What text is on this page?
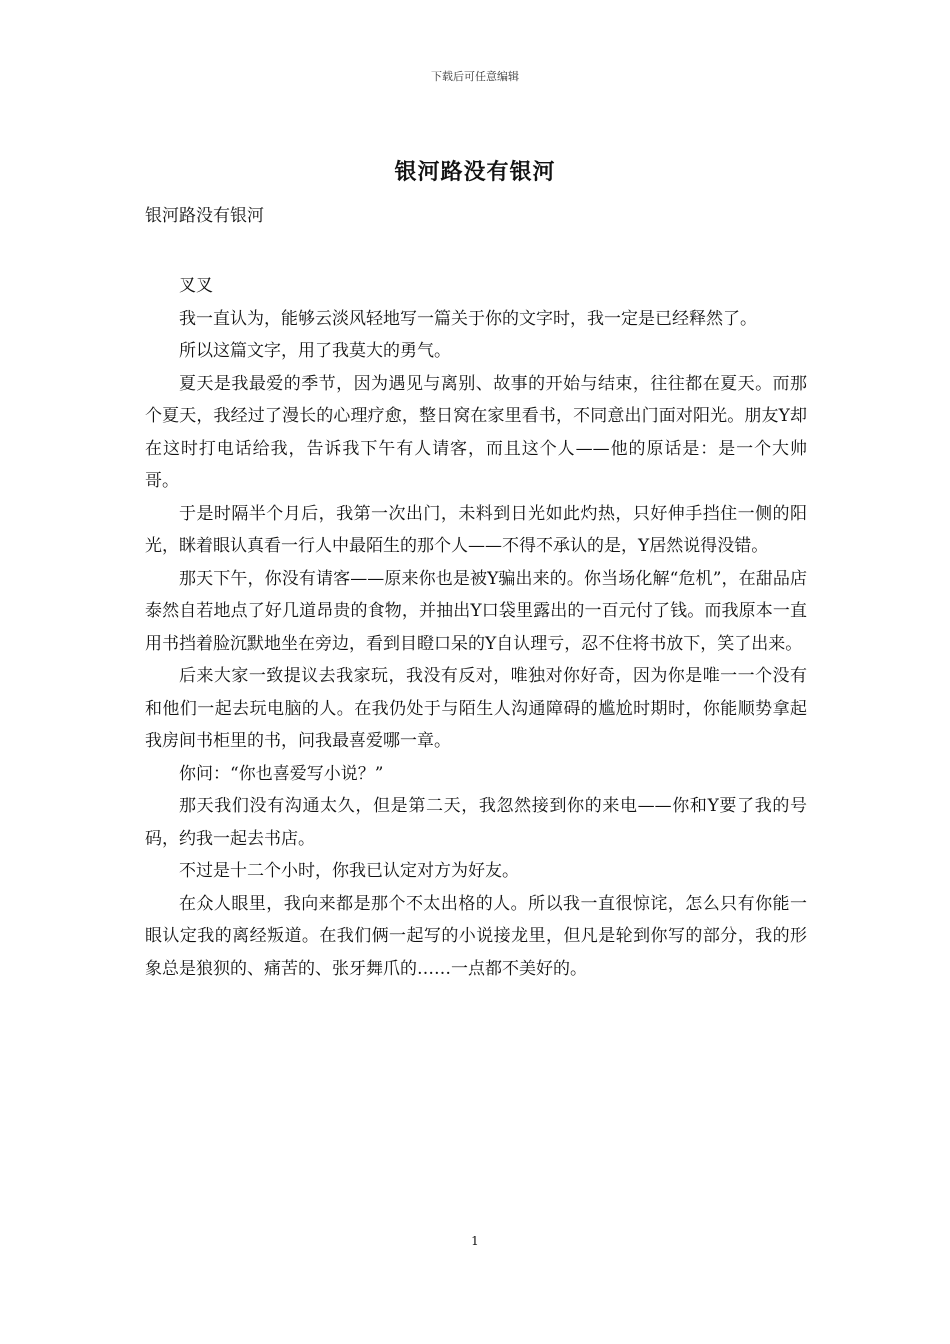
下载后可任意编辑
银河路没有银河
银河路没有银河

叉叉

我一直认为，能够云淡风轻地写一篇关于你的文字时，我一定是已经释然了。

所以这篇文字，用了我莫大的勇气。

夏天是我最爱的季节，因为遇见与离别、故事的开始与结束，往往都在夏天。而那个夏天，我经过了漫长的心理疗愈，整日窝在家里看书，不同意出门面对阳光。朋友Y却在这时打电话给我，告诉我下午有人请客，而且这个人——他的原话是：是一个大帅哥。

于是时隔半个月后，我第一次出门，未料到日光如此灼热，只好伸手挡住一侧的阳光，眯着眼认真看一行人中最陌生的那个人——不得不承认的是，Y居然说得没错。

那天下午，你没有请客——原来你也是被Y骗出来的。你当场化解“危机”，在甜品店泰然自若地点了好几道昂贵的食物，并抽出Y口袋里露出的一百元付了钱。而我原本一直用书挡着脸沉默地坐在旁边，看到目瞪口呆的Y自认理亏，忍不住将书放下，笑了出来。

后来大家一致提议去我家玩，我没有反对，唯独对你好奇，因为你是唯一一个没有和他们一起去玩电脑的人。在我仍处于与陌生人沟通障碍的尴尬时期时，你能顺势拿起我房间书柜里的书，问我最喜爱哪一章。

你问：“你也喜爱写小说？”

那天我们没有沟通太久，但是第二天，我忽然接到你的来电——你和Y要了我的号码，约我一起去书店。

不过是十二个小时，你我已认定对方为好友。

在众人眼里，我向来都是那个不太出格的人。所以我一直很惊诧，怎么只有你能一眼认定我的离经叛道。在我们俩一起写的小说接龙里，但凡是轮到你写的部分，我的形象总是狼狈的、痛苦的、张牙舞爪的……一点都不美好的。

1
